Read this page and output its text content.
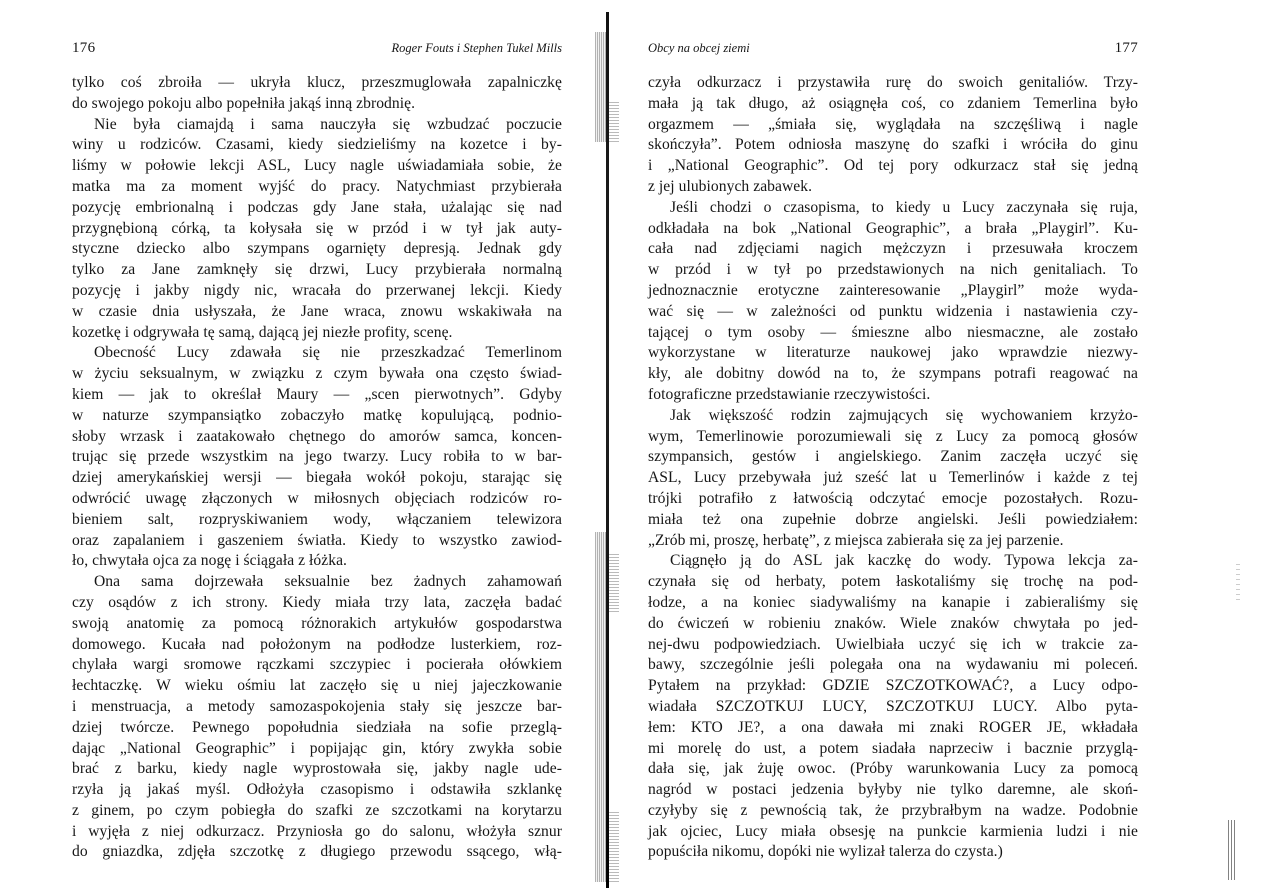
176	Roger Fouts i Stephen Tukel Mills
tylko coś zbroiła — ukryła klucz, przeszmuglowała zapalniczkę
do swojego pokoju albo popełniła jakąś inną zbrodnię.
Nie była ciamajdą i sama nauczyła się wzbudzać poczucie
winy u rodziców. Czasami, kiedy siedzieliśmy na kozetce i by-
liśmy w połowie lekcji ASL, Lucy nagle uświadamiała sobie, że
matka ma za moment wyjść do pracy. Natychmiast przybierała
pozycję embrionalną i podczas gdy Jane stała, użalając się nad
przygnębioną córką, ta kołysała się w przód i w tył jak auty-
styczne dziecko albo szympans ogarnięty depresją. Jednak gdy
tylko za Jane zamknęły się drzwi, Lucy przybierała normalną
pozycję i jakby nigdy nic, wracała do przerwanej lekcji. Kiedy
w czasie dnia usłyszała, że Jane wraca, znowu wskakiwała na
kozetkę i odgrywała tę samą, dającą jej niezłe profity, scenę.
Obecność Lucy zdawała się nie przeszkadzać Temerlinom
w życiu seksualnym, w związku z czym bywała ona często świad-
kiem — jak to określał Maury — „scen pierwotnych”. Gdyby
w naturze szympansiątko zobaczyło matkę kopulującą, podnio-
słoby wrzask i zaatakowało chętnego do amorów samca, koncen-
trując się przede wszystkim na jego twarzy. Lucy robiła to w bar-
dziej amerykańskiej wersji — biegała wokół pokoju, starając się
odwrócić uwagę złączonych w miłosnych objęciach rodziców ro-
bieniem salt, rozpryskiwaniem wody, włączaniem telewizora
oraz zapalaniem i gaszeniem światła. Kiedy to wszystko zawiod-
ło, chwytała ojca za nogę i ściągała z łóżka.
Ona sama dojrzewała seksualnie bez żadnych zahamowań
czy osądów z ich strony. Kiedy miała trzy lata, zaczęła badać
swoją anatomię za pomocą różnorakich artykułów gospodarstwa
domowego. Kucała nad położonym na podłodze lusterkiem, roz-
chylała wargi sromowe rączkami szczypiec i pocierała ołówkiem
łechtaczkę. W wieku ośmiu lat zaczęło się u niej jajeczkowanie
i menstruacja, a metody samozaspokojenia stały się jeszcze bar-
dziej twórcze. Pewnego popołudnia siedziała na sofie przeglą-
dając „National Geographic” i popijając gin, który zwykła sobie
brać z barku, kiedy nagle wyprostowała się, jakby nagle ude-
rzyła ją jakaś myśl. Odłożyła czasopismo i odstawiła szklankę
z ginem, po czym pobiegła do szafki ze szczotkami na korytarzu
i wyjęła z niej odkurzacz. Przyniosła go do salonu, włożyła sznur
do gniazdka, zdjęła szczotkę z długiego przewodu ssącego, włą-
Obcy na obcej ziemi	177
czyła odkurzacz i przystawiła rurę do swoich genitaliów. Trzy-
mała ją tak długo, aż osiągnęła coś, co zdaniem Temerlina było
orgazmem — „śmiała się, wyglądała na szczęśliwą i nagle
skończyła”. Potem odniosła maszynę do szafki i wróciła do ginu
i „National Geographic”. Od tej pory odkurzacz stał się jedną
z jej ulubionych zabawek.
Jeśli chodzi o czasopisma, to kiedy u Lucy zaczynała się ruja,
odkładała na bok „National Geographic”, a brała „Playgirl”. Ku-
cała nad zdjęciami nagich mężczyzn i przesuwała kroczem
w przód i w tył po przedstawionych na nich genitaliach. To
jednoznacznie erotyczne zainteresowanie „Playgirl” może wyda-
wać się — w zależności od punktu widzenia i nastawienia czy-
tającej o tym osoby — śmieszne albo niesmaczne, ale zostało
wykorzystane w literaturze naukowej jako wprawdzie niezwy-
kły, ale dobitny dowód na to, że szympans potrafi reagować na
fotograficzne przedstawianie rzeczywistości.
Jak większość rodzin zajmujących się wychowaniem krzyżo-
wym, Temerlinowie porozumiewali się z Lucy za pomocą głosów
szympansich, gestów i angielskiego. Zanim zaczęła uczyć się
ASL, Lucy przebywała już sześć lat u Temerlinów i każde z tej
trójki potrafiło z łatwością odczytać emocje pozostałych. Rozu-
miała też ona zupełnie dobrze angielski. Jeśli powiedziałem:
„Zrób mi, proszę, herbatę”, z miejsca zabierała się za jej parzenie.
Ciągnęło ją do ASL jak kaczkę do wody. Typowa lekcja za-
czynała się od herbaty, potem łaskotaliśmy się trochę na pod-
łodze, a na koniec siadywaliśmy na kanapie i zabieraliśmy się
do ćwiczeń w robieniu znaków. Wiele znaków chwytała po jed-
nej-dwu podpowiedziach. Uwielbiała uczyć się ich w trakcie za-
bawy, szczególnie jeśli polegała ona na wydawaniu mi poleceń.
Pytałem na przykład: GDZIE SZCZOTKOWAĆ?, a Lucy odpo-
wiadała SZCZOTKUJ LUCY, SZCZOTKUJ LUCY. Albo pyta-
łem: KTO JE?, a ona dawała mi znaki ROGER JE, wkładała
mi morelę do ust, a potem siadała naprzeciw i bacznie przyglą-
dała się, jak żuję owoc. (Próby warunkowania Lucy za pomocą
nagród w postaci jedzenia byłyby nie tylko daremne, ale skoń-
czyłyby się z pewnością tak, że przybrałbym na wadze. Podobnie
jak ojciec, Lucy miała obsesję na punkcie karmienia ludzi i nie
popuściła nikomu, dopóki nie wylizał talerza do czysta.)
